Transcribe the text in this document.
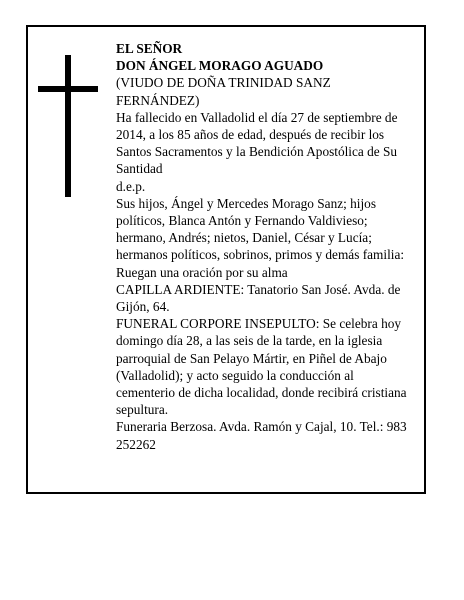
EL SEÑOR

DON ÁNGEL MORAGO AGUADO

(VIUDO DE DOÑA TRINIDAD SANZ FERNÁNDEZ)

Ha fallecido en Valladolid el día 27 de septiembre de 2014, a los 85 años de edad, después de recibir los Santos Sacramentos y la Bendición Apostólica de Su Santidad

d.e.p.

Sus hijos, Ángel y Mercedes Morago Sanz; hijos políticos, Blanca Antón y Fernando Valdivieso; hermano, Andrés; nietos, Daniel, César y Lucía; hermanos políticos, sobrinos, primos y demás familia:

Ruegan una oración por su alma

CAPILLA ARDIENTE: Tanatorio San José. Avda. de Gijón, 64.

FUNERAL CORPORE INSEPULTO: Se celebra hoy domingo día 28, a las seis de la tarde, en la iglesia parroquial de San Pelayo Mártir, en Piñel de Abajo (Valladolid); y acto seguido la conducción al cementerio de dicha localidad, donde recibirá cristiana sepultura.

Funeraria Berzosa. Avda. Ramón y Cajal, 10. Tel.: 983 252262
